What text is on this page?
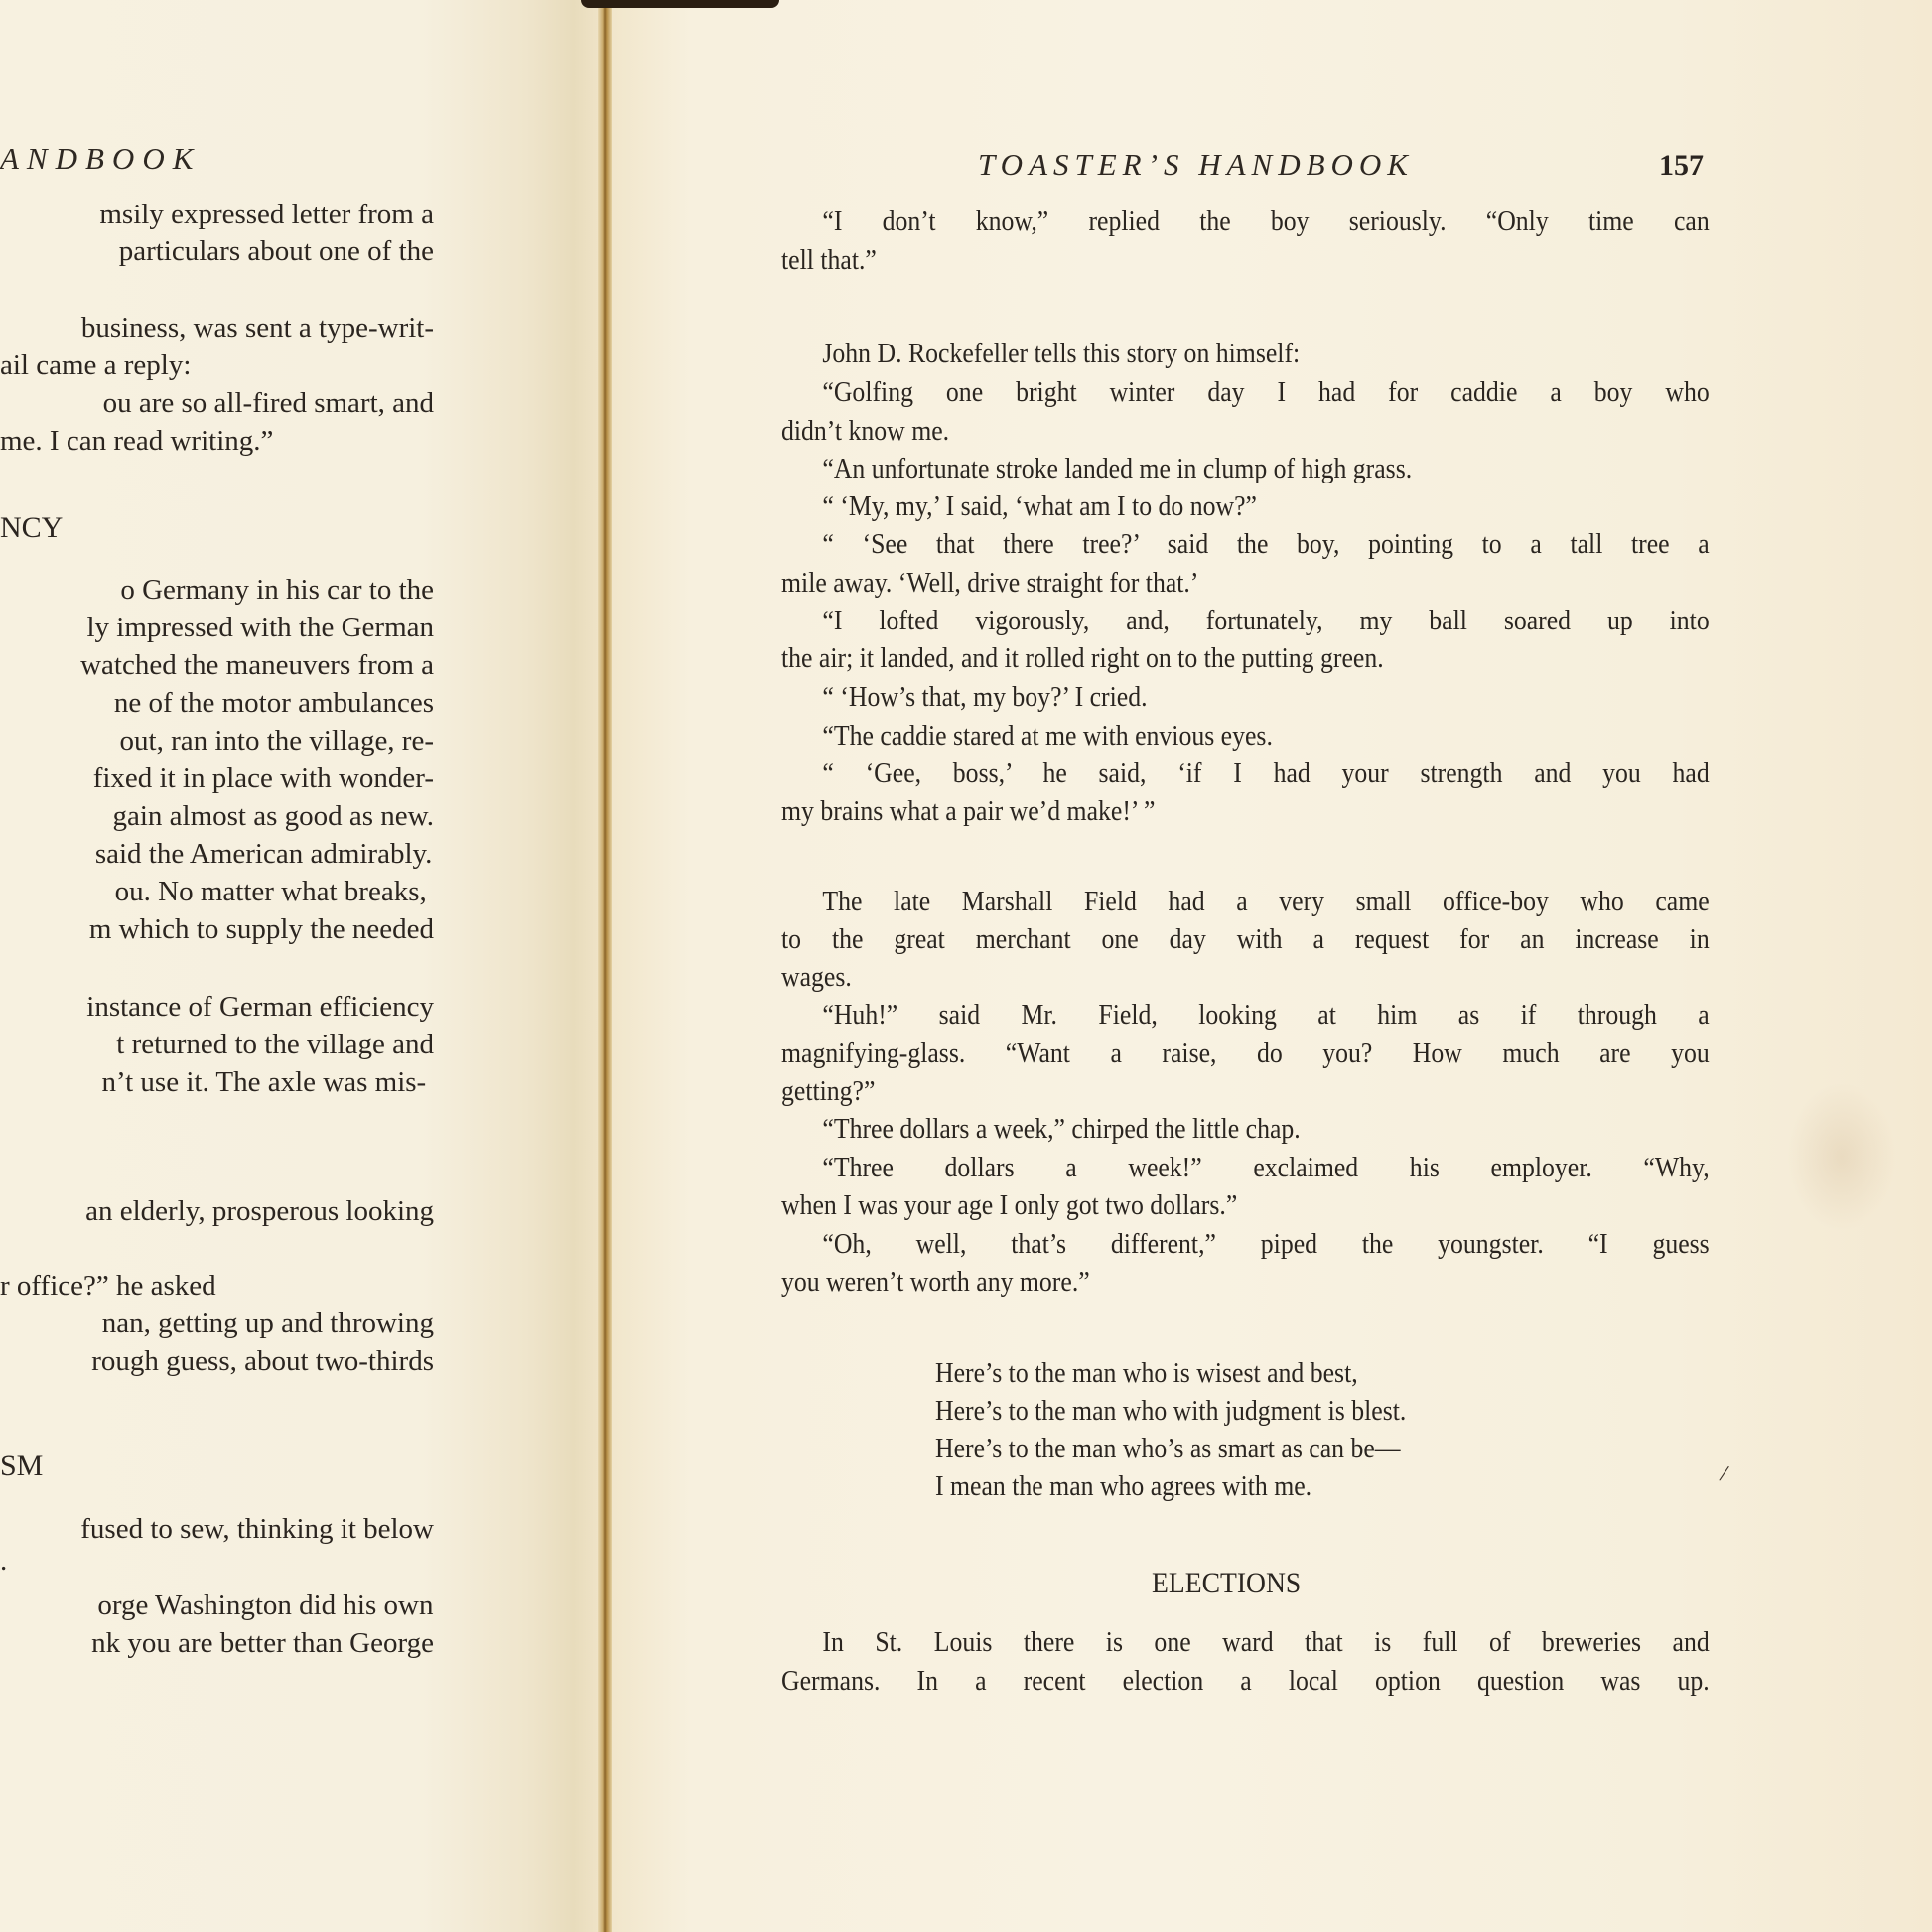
ANDBOOK
msily expressed letter from a
particulars about one of the
business, was sent a type-writ-
ail came a reply:
ou are so all-fired smart, and
me. I can read writing.”
NCY
o Germany in his car to the
ly impressed with the German
watched the maneuvers from a
ne of the motor ambulances
out, ran into the village, re-
fixed it in place with wonder-
gain almost as good as new.
said the American admirably.
ou. No matter what breaks,
m which to supply the needed
instance of German efficiency
t returned to the village and
n’t use it. The axle was mis-
an elderly, prosperous looking
r office?” he asked
nan, getting up and throwing
rough guess, about two-thirds
SM
fused to sew, thinking it below
.
orge Washington did his own
nk you are better than George
TOASTER’S HANDBOOK	157
“I don’t know,” replied the boy seriously. “Only time can
tell that.”
John D. Rockefeller tells this story on himself:
“Golfing one bright winter day I had for caddie a boy who
didn’t know me.
“An unfortunate stroke landed me in clump of high grass.
“ ‘My, my,’ I said, ‘what am I to do now?”
“ ‘See that there tree?’ said the boy, pointing to a tall tree a
mile away. ‘Well, drive straight for that.’
“I lofted vigorously, and, fortunately, my ball soared up into
the air; it landed, and it rolled right on to the putting green.
“ ‘How’s that, my boy?’ I cried.
“The caddie stared at me with envious eyes.
“ ‘Gee, boss,’ he said, ‘if I had your strength and you had
my brains what a pair we’d make!’ ”
The late Marshall Field had a very small office-boy who came
to the great merchant one day with a request for an increase in
wages.
“Huh!” said Mr. Field, looking at him as if through a
magnifying-glass. “Want a raise, do you? How much are you
getting?”
“Three dollars a week,” chirped the little chap.
“Three dollars a week!” exclaimed his employer. “Why,
when I was your age I only got two dollars.”
“Oh, well, that’s different,” piped the youngster. “I guess
you weren’t worth any more.”
Here’s to the man who is wisest and best,
Here’s to the man who with judgment is blest.
Here’s to the man who’s as smart as can be—
I mean the man who agrees with me.
ELECTIONS
In St. Louis there is one ward that is full of breweries and
Germans. In a recent election a local option question was up.
/
